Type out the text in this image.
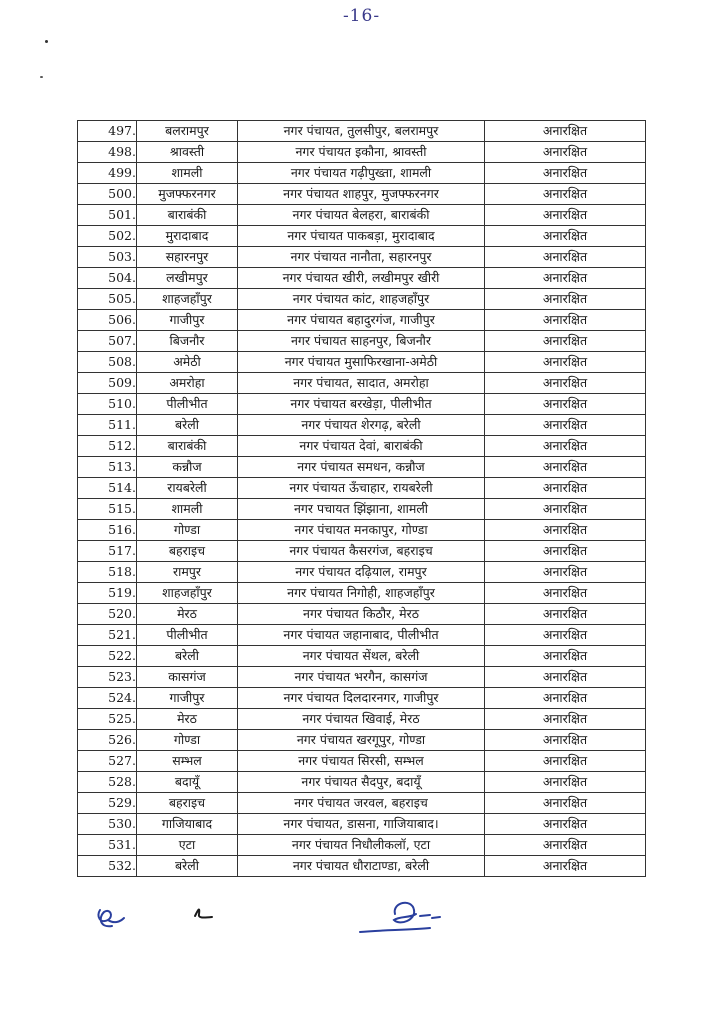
-16-
497.	बलरामपुर	नगर पंचायत, तुलसीपुर, बलरामपुर	अनारक्षित
498.	श्रावस्ती	नगर पंचायत इकौना, श्रावस्ती	अनारक्षित
499.	शामली	नगर पंचायत गढ़ीपुख्ता, शामली	अनारक्षित
500.	मुजफ्फरनगर	नगर पंचायत शाहपुर, मुजफ्फरनगर	अनारक्षित
501.	बाराबंकी	नगर पंचायत बेलहरा, बाराबंकी	अनारक्षित
502.	मुरादाबाद	नगर पंचायत पाकबड़ा, मुरादाबाद	अनारक्षित
503.	सहारनपुर	नगर पंचायत नानौता, सहारनपुर	अनारक्षित
504.	लखीमपुर	नगर पंचायत खीरी, लखीमपुर खीरी	अनारक्षित
505.	शाहजहाँपुर	नगर पंचायत कांट, शाहजहाँपुर	अनारक्षित
506.	गाजीपुर	नगर पंचायत बहादुरगंज, गाजीपुर	अनारक्षित
507.	बिजनौर	नगर पंचायत साहनपुर, बिजनौर	अनारक्षित
508.	अमेठी	नगर पंचायत मुसाफिरखाना-अमेठी	अनारक्षित
509.	अमरोहा	नगर पंचायत, सादात, अमरोहा	अनारक्षित
510.	पीलीभीत	नगर पंचायत बरखेड़ा, पीलीभीत	अनारक्षित
511.	बरेली	नगर पंचायत शेरगढ़, बरेली	अनारक्षित
512.	बाराबंकी	नगर पंचायत देवां, बाराबंकी	अनारक्षित
513.	कन्नौज	नगर पंचायत समधन, कन्नौज	अनारक्षित
514.	रायबरेली	नगर पंचायत ऊँचाहार, रायबरेली	अनारक्षित
515.	शामली	नगर पचायत झिंझाना, शामली	अनारक्षित
516.	गोण्डा	नगर पंचायत मनकापुर, गोण्डा	अनारक्षित
517.	बहराइच	नगर पंचायत कैसरगंज, बहराइच	अनारक्षित
518.	रामपुर	नगर पंचायत दढ़ियाल, रामपुर	अनारक्षित
519.	शाहजहाँपुर	नगर पंचायत निगोही, शाहजहाँपुर	अनारक्षित
520.	मेरठ	नगर पंचायत किठौर, मेरठ	अनारक्षित
521.	पीलीभीत	नगर पंचायत जहानाबाद, पीलीभीत	अनारक्षित
522.	बरेली	नगर पंचायत सेंथल, बरेली	अनारक्षित
523.	कासगंज	नगर पंचायत भरगैन, कासगंज	अनारक्षित
524.	गाजीपुर	नगर पंचायत दिलदारनगर, गाजीपुर	अनारक्षित
525.	मेरठ	नगर पंचायत खिवाई, मेरठ	अनारक्षित
526.	गोण्डा	नगर पंचायत खरगूपुर, गोण्डा	अनारक्षित
527.	सम्भल	नगर पंचायत सिरसी, सम्भल	अनारक्षित
528.	बदायूँ	नगर पंचायत सैदपुर, बदायूँ	अनारक्षित
529.	बहराइच	नगर पंचायत जरवल, बहराइच	अनारक्षित
530.	गाजियाबाद	नगर पंचायत, डासना, गाजियाबाद।	अनारक्षित
531.	एटा	नगर पंचायत निधौलीकलॉ, एटा	अनारक्षित
532.	बरेली	नगर पंचायत धौराटाण्डा, बरेली	अनारक्षित
